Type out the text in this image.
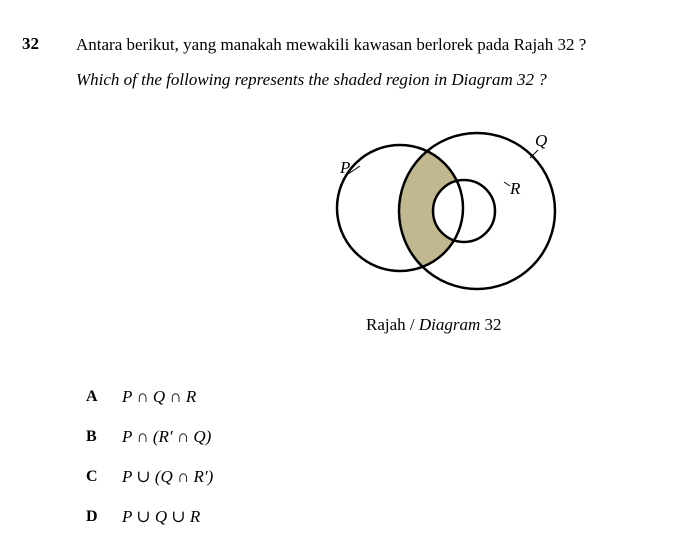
32 Antara berikut, yang manakah mewakili kawasan berlorek pada Rajah 32 ?
Which of the following represents the shaded region in Diagram 32 ?
P
Q
R
Rajah / Diagram 32
A	P ∩ Q ∩ R
B	P ∩ (R′ ∩ Q)
C	P ∪ (Q ∩ R′)
D	P ∪ Q ∪ R
